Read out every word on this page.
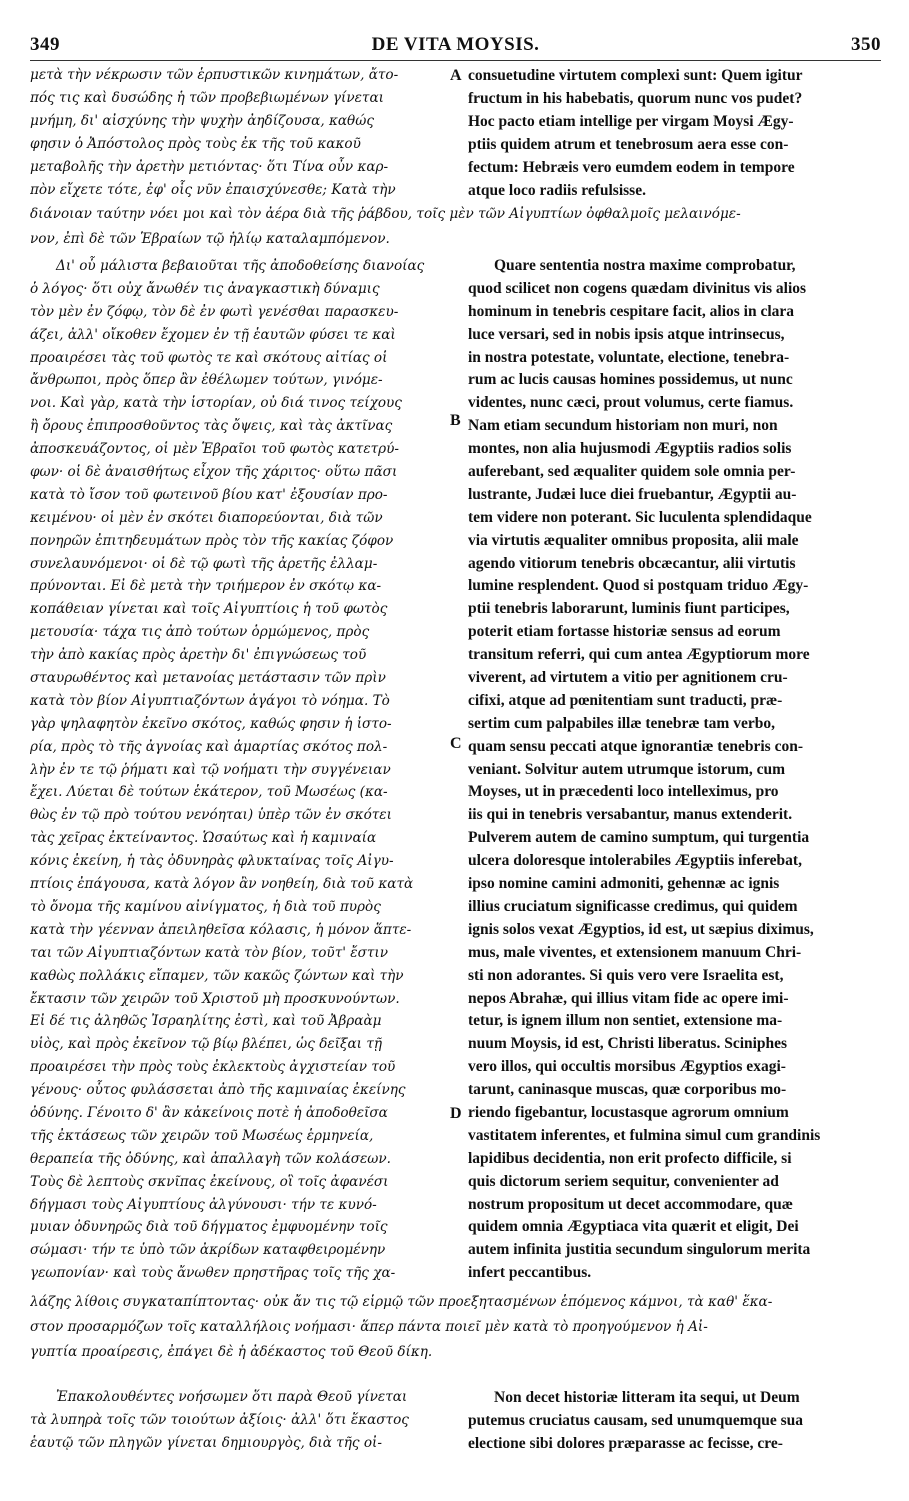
349	DE VITA MOYSIS.	350
A
B
C
D
μετὰ τὴν νέκρωσιν τῶν ἑρπυστικῶν κινημάτων, ἄτο-
πός τις καὶ δυσώδης ἡ τῶν προβεβιωμένων γίνεται
μνήμη, δι' αἰσχύνης τὴν ψυχὴν ἀηδίζουσα, καθώς
φησιν ὁ Ἀπόστολος πρὸς τοὺς ἐκ τῆς τοῦ κακοῦ
μεταβολῆς τὴν ἀρετὴν μετιόντας· ὅτι Τίνα οὖν καρ-
πὸν εἴχετε τότε, ἐφ' οἷς νῦν ἐπαισχύνεσθε; Κατὰ τὴν
consuetudine virtutem complexi sunt: Quem igitur
fructum in his habebatis, quorum nunc vos pudet?
Hoc pacto etiam intellige per virgam Moysi Ægy-
ptiis quidem atrum et tenebrosum aera esse con-
fectum: Hebræis vero eumdem eodem in tempore
atque loco radiis refulsisse.
διάνοιαν ταύτην νόει μοι καὶ τὸν ἀέρα διὰ τῆς ῥάβδου, τοῖς μὲν τῶν Αἰγυπτίων ὀφθαλμοῖς μελαινόμε-
νον, ἐπὶ δὲ τῶν Ἑβραίων τῷ ἡλίῳ καταλαμπόμενον.
Δι' οὗ μάλιστα βεβαιοῦται τῆς ἀποδοθείσης διανοίας
ὁ λόγος· ὅτι οὐχ ἄνωθέν τις ἀναγκαστικὴ δύναμις
τὸν μὲν ἐν ζόφῳ, τὸν δὲ ἐν φωτὶ γενέσθαι παρασκευ-
άζει, ἀλλ' οἴκοθεν ἔχομεν ἐν τῇ ἑαυτῶν φύσει τε καὶ
προαιρέσει τὰς τοῦ φωτὸς τε καὶ σκότους αἰτίας οἱ
ἄνθρωποι, πρὸς ὅπερ ἂν ἐθέλωμεν τούτων, γινόμε-
νοι. Καὶ γὰρ, κατὰ τὴν ἱστορίαν, οὐ διά τινος τείχους
ἢ ὄρους ἐπιπροσθοῦντος τὰς ὄψεις, καὶ τὰς ἀκτῖνας
ἀποσκευάζοντος, οἱ μὲν Ἑβραῖοι τοῦ φωτὸς κατετρύ-
φων· οἱ δὲ ἀναισθήτως εἶχον τῆς χάριτος· οὕτω πᾶσι
κατὰ τὸ ἴσον τοῦ φωτεινοῦ βίου κατ' ἐξουσίαν προ-
κειμένου· οἱ μὲν ἐν σκότει διαπορεύονται, διὰ τῶν
πονηρῶν ἐπιτηδευμάτων πρὸς τὸν τῆς κακίας ζόφον
συνελαυνόμενοι· οἱ δὲ τῷ φωτὶ τῆς ἀρετῆς ἐλλαμ-
πρύνονται. Εἰ δὲ μετὰ τὴν τριήμερον ἐν σκότῳ κα-
κοπάθειαν γίνεται καὶ τοῖς Αἰγυπτίοις ἡ τοῦ φωτὸς
μετουσία· τάχα τις ἀπὸ τούτων ὁρμώμενος, πρὸς
τὴν ἀπὸ κακίας πρὸς ἀρετὴν δι' ἐπιγνώσεως τοῦ
σταυρωθέντος καὶ μετανοίας μετάστασιν τῶν πρὶν
κατὰ τὸν βίον Αἰγυπτιαζόντων ἀγάγοι τὸ νόημα. Τὸ
γὰρ ψηλαφητὸν ἐκεῖνο σκότος, καθώς φησιν ἡ ἱστο-
ρία, πρὸς τὸ τῆς ἀγνοίας καὶ ἁμαρτίας σκότος πολ-
λὴν ἐν τε τῷ ῥήματι καὶ τῷ νοήματι τὴν συγγένειαν
ἔχει. Λύεται δὲ τούτων ἑκάτερον, τοῦ Μωσέως (κα-
θὼς ἐν τῷ πρὸ τούτου νενόηται) ὑπὲρ τῶν ἐν σκότει
τὰς χεῖρας ἐκτείναντος. Ὡσαύτως καὶ ἡ καμιναία
κόνις ἐκείνη, ἡ τὰς ὀδυνηρὰς φλυκταίνας τοῖς Αἰγυ-
πτίοις ἐπάγουσα, κατὰ λόγον ἂν νοηθείη, διὰ τοῦ κατὰ
τὸ ὄνομα τῆς καμίνου αἰνίγματος, ἡ διὰ τοῦ πυρὸς
κατὰ τὴν γέενναν ἀπειληθεῖσα κόλασις, ἡ μόνον ἅπτε-
ται τῶν Αἰγυπτιαζόντων κατὰ τὸν βίον, τοῦτ' ἔστιν
καθὼς πολλάκις εἴπαμεν, τῶν κακῶς ζώντων καὶ τὴν
ἔκτασιν τῶν χειρῶν τοῦ Χριστοῦ μὴ προσκυνούντων.
Εἰ δέ τις ἀληθῶς Ἰσραηλίτης ἐστὶ, καὶ τοῦ Ἀβραὰμ
υἱὸς, καὶ πρὸς ἐκεῖνον τῷ βίῳ βλέπει, ὡς δεῖξαι τῇ
προαιρέσει τὴν πρὸς τοὺς ἐκλεκτοὺς ἀγχιστείαν τοῦ
γένους· οὗτος φυλάσσεται ἀπὸ τῆς καμιναίας ἐκείνης
ὀδύνης. Γένοιτο δ' ἂν κἀκείνοις ποτὲ ἡ ἀποδοθεῖσα
τῆς ἐκτάσεως τῶν χειρῶν τοῦ Μωσέως ἑρμηνεία,
θεραπεία τῆς ὀδύνης, καὶ ἀπαλλαγὴ τῶν κολάσεων.
Τοὺς δὲ λεπτοὺς σκνῖπας ἐκείνους, οἳ τοῖς ἀφανέσι
δήγμασι τοὺς Αἰγυπτίους ἀλγύνουσι· τήν τε κυνό-
μυιαν ὀδυνηρῶς διὰ τοῦ δήγματος ἐμφυομένην τοῖς
σώμασι· τήν τε ὑπὸ τῶν ἀκρίδων καταφθειρομένην
γεωπονίαν· καὶ τοὺς ἄνωθεν πρηστῆρας τοῖς τῆς χα-
Quare sententia nostra maxime comprobatur,
quod scilicet non cogens quædam divinitus vis alios
hominum in tenebris cespitare facit, alios in clara
luce versari, sed in nobis ipsis atque intrinsecus,
in nostra potestate, voluntate, electione, tenebra-
rum ac lucis causas homines possidemus, ut nunc
videntes, nunc cæci, prout volumus, certe fiamus.
Nam etiam secundum historiam non muri, non
montes, non alia hujusmodi Ægyptiis radios solis
auferebant, sed æqualiter quidem sole omnia per-
lustrante, Judæi luce diei fruebantur, Ægyptii au-
tem videre non poterant. Sic luculenta splendidaque
via virtutis æqualiter omnibus proposita, alii male
agendo vitiorum tenebris obcæcantur, alii virtutis
lumine resplendent. Quod si postquam triduo Ægy-
ptii tenebris laborarunt, luminis fiunt participes,
poterit etiam fortasse historiæ sensus ad eorum
transitum referri, qui cum antea Ægyptiorum more
viverent, ad virtutem a vitio per agnitionem cru-
cifixi, atque ad pœnitentiam sunt traducti, præ-
sertim cum palpabiles illæ tenebræ tam verbo,
quam sensu peccati atque ignorantiæ tenebris con-
veniant. Solvitur autem utrumque istorum, cum
Moyses, ut in præcedenti loco intelleximus, pro
iis qui in tenebris versabantur, manus extenderit.
Pulverem autem de camino sumptum, qui turgentia
ulcera doloresque intolerabiles Ægyptiis inferebat,
ipso nomine camini admoniti, gehennæ ac ignis
illius cruciatum significasse credimus, qui quidem
ignis solos vexat Ægyptios, id est, ut sæpius diximus,
mus, male viventes, et extensionem manuum Chri-
sti non adorantes. Si quis vero vere Israelita est,
nepos Abrahæ, qui illius vitam fide ac opere imi-
tetur, is ignem illum non sentiet, extensione ma-
nuum Moysis, id est, Christi liberatus. Sciniphes
vero illos, qui occultis morsibus Ægyptios exagi-
tarunt, caninasque muscas, quæ corporibus mo-
riendo figebantur, locustasque agrorum omnium
vastitatem inferentes, et fulmina simul cum grandinis
lapidibus decidentia, non erit profecto difficile, si
quis dictorum seriem sequitur, convenienter ad
nostrum propositum ut decet accommodare, quæ
quidem omnia Ægyptiaca vita quærit et eligit, Dei
autem infinita justitia secundum singulorum merita
infert peccantibus.
λάζης λίθοις συγκαταπίπτοντας· οὐκ ἄν τις τῷ εἱρμῷ τῶν προεξητασμένων ἑπόμενος κάμνοι, τὰ καθ' ἕκα-
στον προσαρμόζων τοῖς καταλλήλοις νοήμασι· ἅπερ πάντα ποιεῖ μὲν κατὰ τὸ προηγούμενον ἡ Αἰ-
γυπτία προαίρεσις, ἐπάγει δὲ ἡ ἀδέκαστος τοῦ Θεοῦ δίκη.
Ἐπακολουθέντες νοήσωμεν ὅτι παρὰ Θεοῦ γίνεται
τὰ λυπηρὰ τοῖς τῶν τοιούτων ἀξίοις· ἀλλ' ὅτι ἕκαστος
ἑαυτῷ τῶν πληγῶν γίνεται δημιουργὸς, διὰ τῆς οἰ-
Non decet historiæ litteram ita sequi, ut Deum
putemus cruciatus causam, sed unumquemque sua
electione sibi dolores præparasse ac fecisse, cre-
